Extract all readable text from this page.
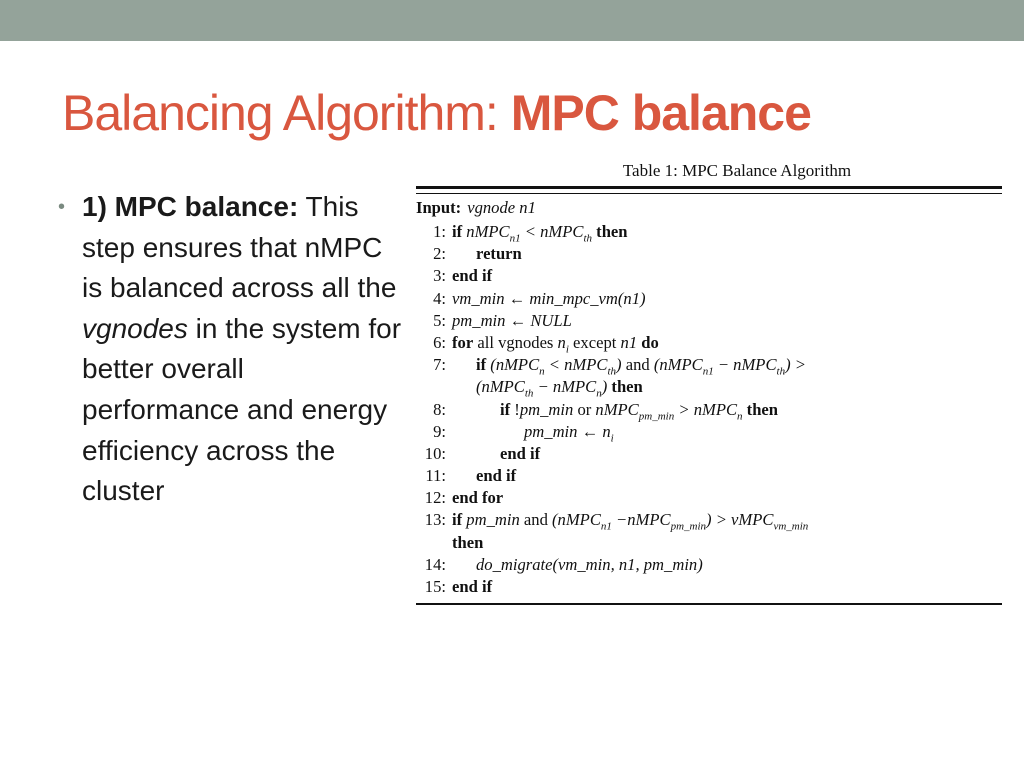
Balancing Algorithm: MPC balance
• 1) MPC balance: This step ensures that nMPC is balanced across all the vgnodes in the system for better overall performance and energy efficiency across the cluster
Table 1: MPC Balance Algorithm
Input: vgnode n1
1: if nMPC$_{n1}$ < nMPC$_{th}$ then
2:	return
3: end if
4: vm_min ← min_mpc_vm(n1)
5: pm_min ← NULL
6: for all vgnodes $n_i$ except n1 do
7:	if (nMPC$_n$ < nMPC$_{th}$) and (nMPC$_{n1}$ − nMPC$_{th}$) >
(nMPC$_{th}$ − nMPC$_n$) then
8:	if !pm_min or nMPC$_{pm\_min}$ > nMPC$_n$ then
9:	pm_min ← $n_i$
10:	end if
11:	end if
12: end for
13: if pm_min and (nMPC$_{n1}$ −nMPC$_{pm\_min}$) > vMPC$_{vm\_min}$
then
14:	do_migrate(vm_min, n1, pm_min)
15: end if
